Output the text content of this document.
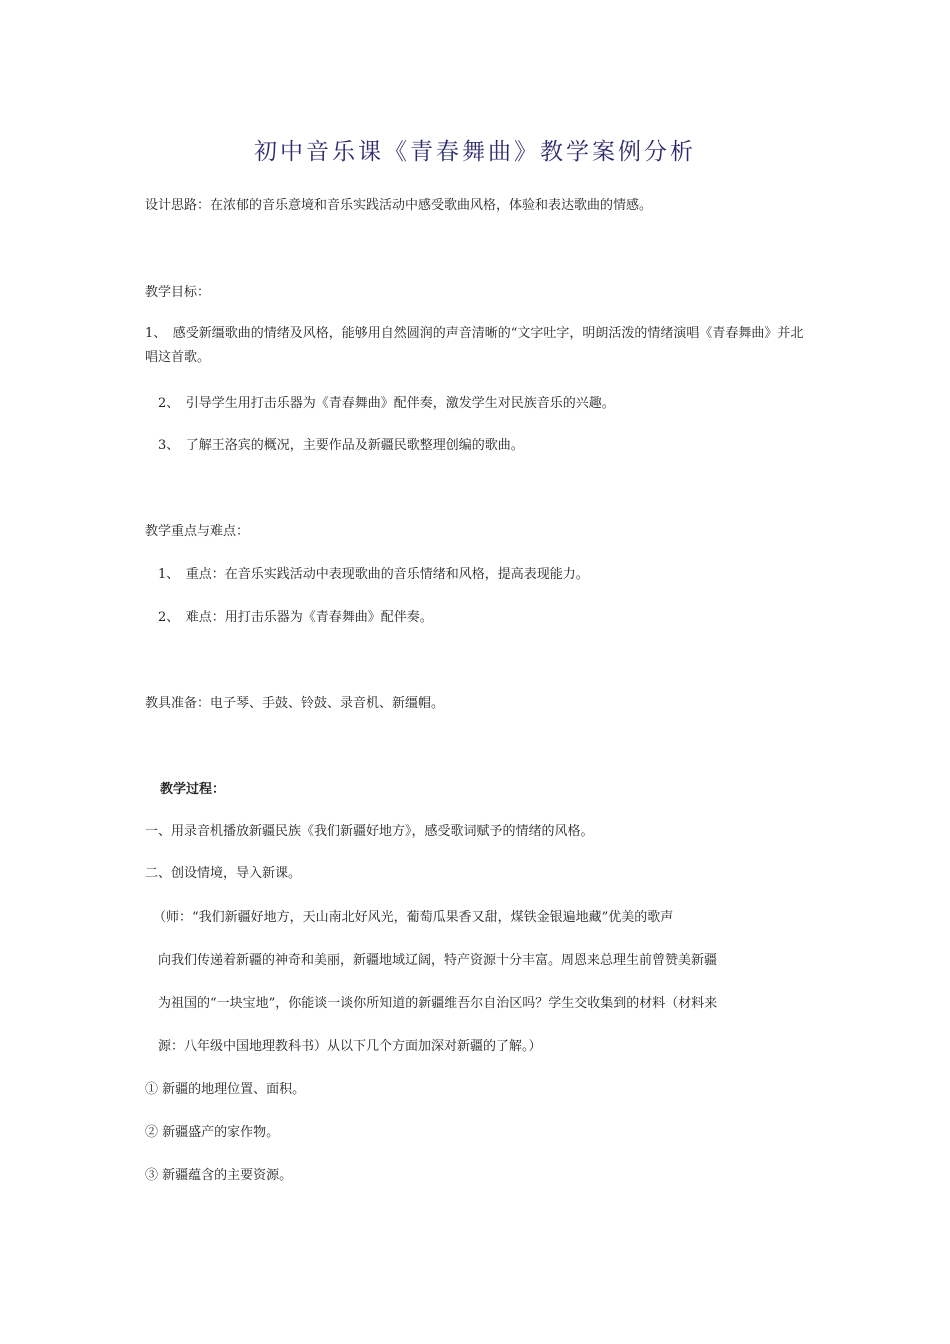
初中音乐课《青春舞曲》教学案例分析
设计思路：在浓郁的音乐意境和音乐实践活动中感受歌曲风格，体验和表达歌曲的情感。
教学目标：
1、　感受新缰歌曲的情绪及风格，能够用自然圆润的声音清晰的“文字吐字，明朗活泼的情绪演唱《青春舞曲》并北唱这首歌。
2、　引导学生用打击乐器为《青春舞曲》配伴奏，激发学生对民族音乐的兴趣。
3、　了解王洛宾的概况，主要作品及新疆民歌整理创编的歌曲。
教学重点与难点：
1、　重点：在音乐实践活动中表现歌曲的音乐情绪和风格，提高表现能力。
2、　难点：用打击乐器为《青春舞曲》配伴奏。
教具准备：电子琴、手鼓、铃鼓、录音机、新缰帽。
教学过程：
一、用录音机播放新疆民族《我们新疆好地方》，感受歌词赋予的情绪的风格。
二、创设情境，导入新课。
（师：“我们新疆好地方，天山南北好风光，葡萄瓜果香又甜，煤铁金银遍地藏”优美的歌声
向我们传递着新疆的神奇和美丽，新疆地域辽阔，特产资源十分丰富。周恩来总理生前曾赞美新疆
为祖国的“一块宝地”，你能谈一谈你所知道的新疆维吾尔自治区吗？学生交收集到的材料（材料来
源：八年级中国地理教科书）从以下几个方面加深对新疆的了解。）
① 新疆的地理位置、面积。
② 新疆盛产的家作物。
③ 新疆蕴含的主要资源。
